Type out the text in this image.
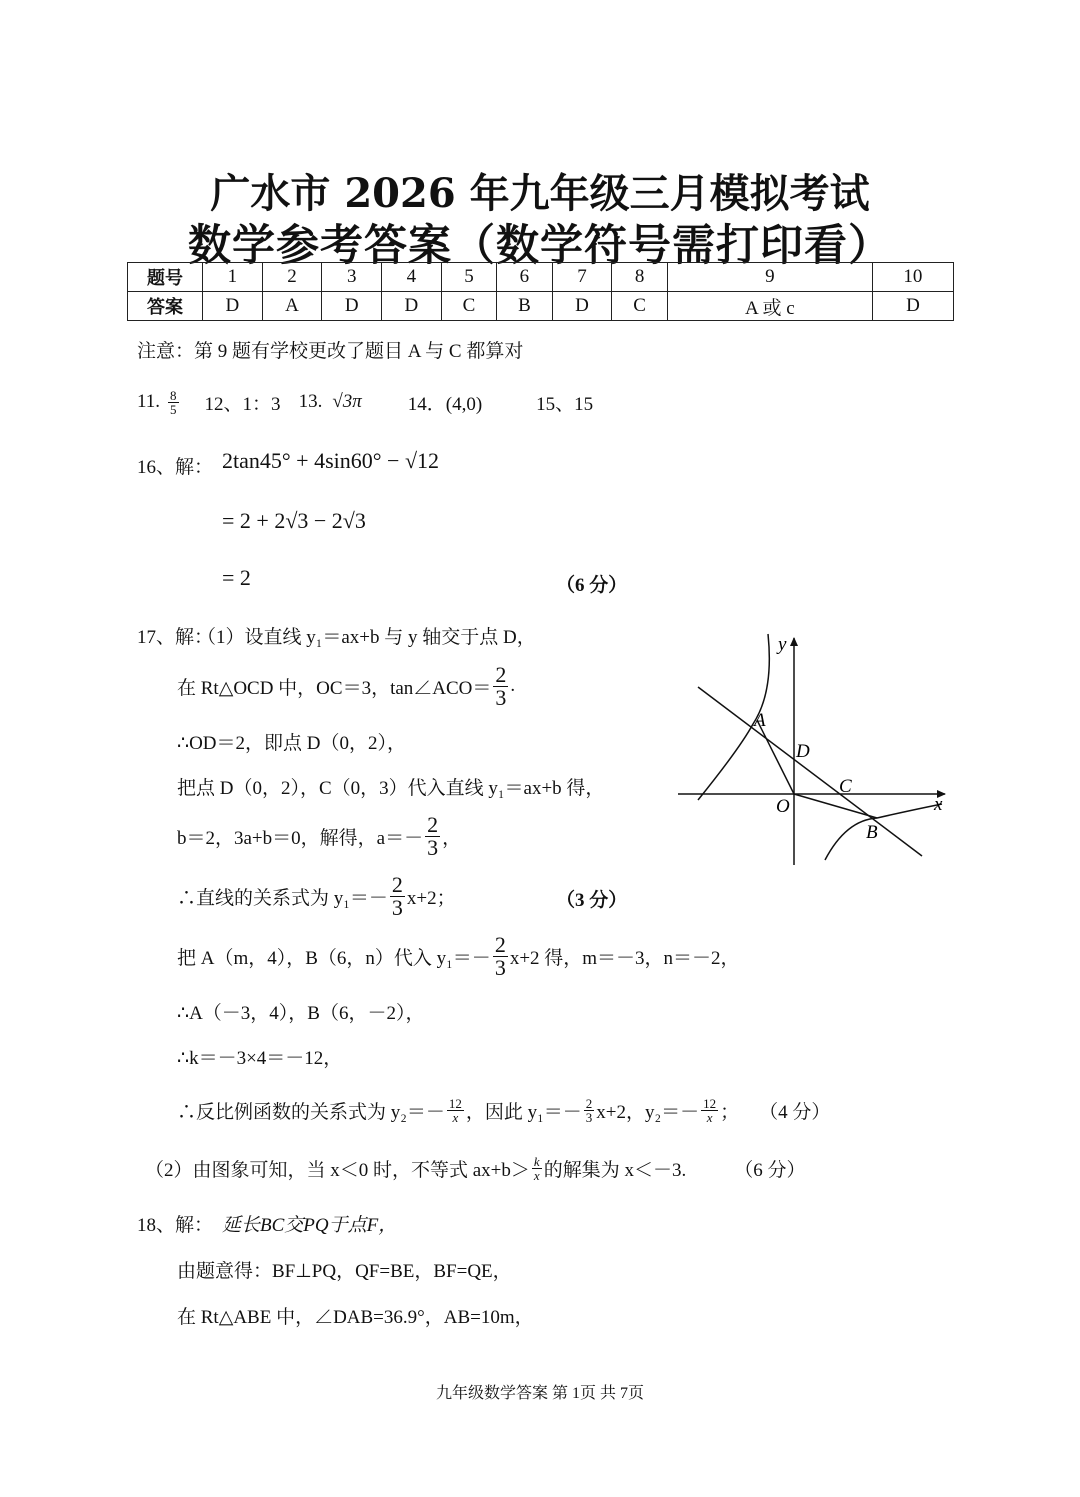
广水市 2026 年九年级三月模拟考试
数学参考答案（数学符号需打印看）
题号	1	2	3	4	5	6	7	8	9	10
答案	D	A	D	D	C	B	D	C	A 或 c	D
注意：第 9 题有学校更改了题目 A 与 C 都算对
11. $\frac{8}{5} 12$、1：3 13. √3π 14．(4,0)	15、15
16、解： 2tan45° + 4sin60° − √12
= 2 + 2√3 − 2√3
= 2	（6 分）
17、解：
（1）设直线 y₁＝ax+b 与 y 轴交于点 D，
在 Rt△OCD 中，OC＝3，tan∠ACO＝ $\frac{2}{3}$ .
∴OD＝2，即点 D（0，2），
把点 D（0，2），C（0，3）代入直线 y₁＝ax+b 得，
b＝2，3a+b＝0，解得，$a=- \frac{2}{3}$ ，
∴直线的关系式为 $y_1=- \frac{2}{3} x+2$；	（3 分）
把 A（m，4），B（6，n）代入 $y_1=- \frac{2}{3} x+2$ 得，m＝－3，n＝－2，
∴A（－3，4），B（6，－2），
∴k＝－3×4＝－12，
∴反比例函数的关系式为 $y_2=- \frac{12}{x}$ ，因此 $y_1=- \frac{2}{3} x+2$，$y_2=- \frac{12}{x}$ ； （4 分）
（2）由图象可知，当 x＜0 时，不等式 $ax+b> \frac{k}{x}$ 的解集为 x＜－3.	（6 分）
y
x
O
A
B
C
D
18、解： 延长BC交PQ于点F，
由题意得：BF⊥PQ，QF=BE，BF=QE，
在 Rt△ABE 中，∠DAB=36.9°，AB=10m，
九年级数学答案 第 1页 共 7页
